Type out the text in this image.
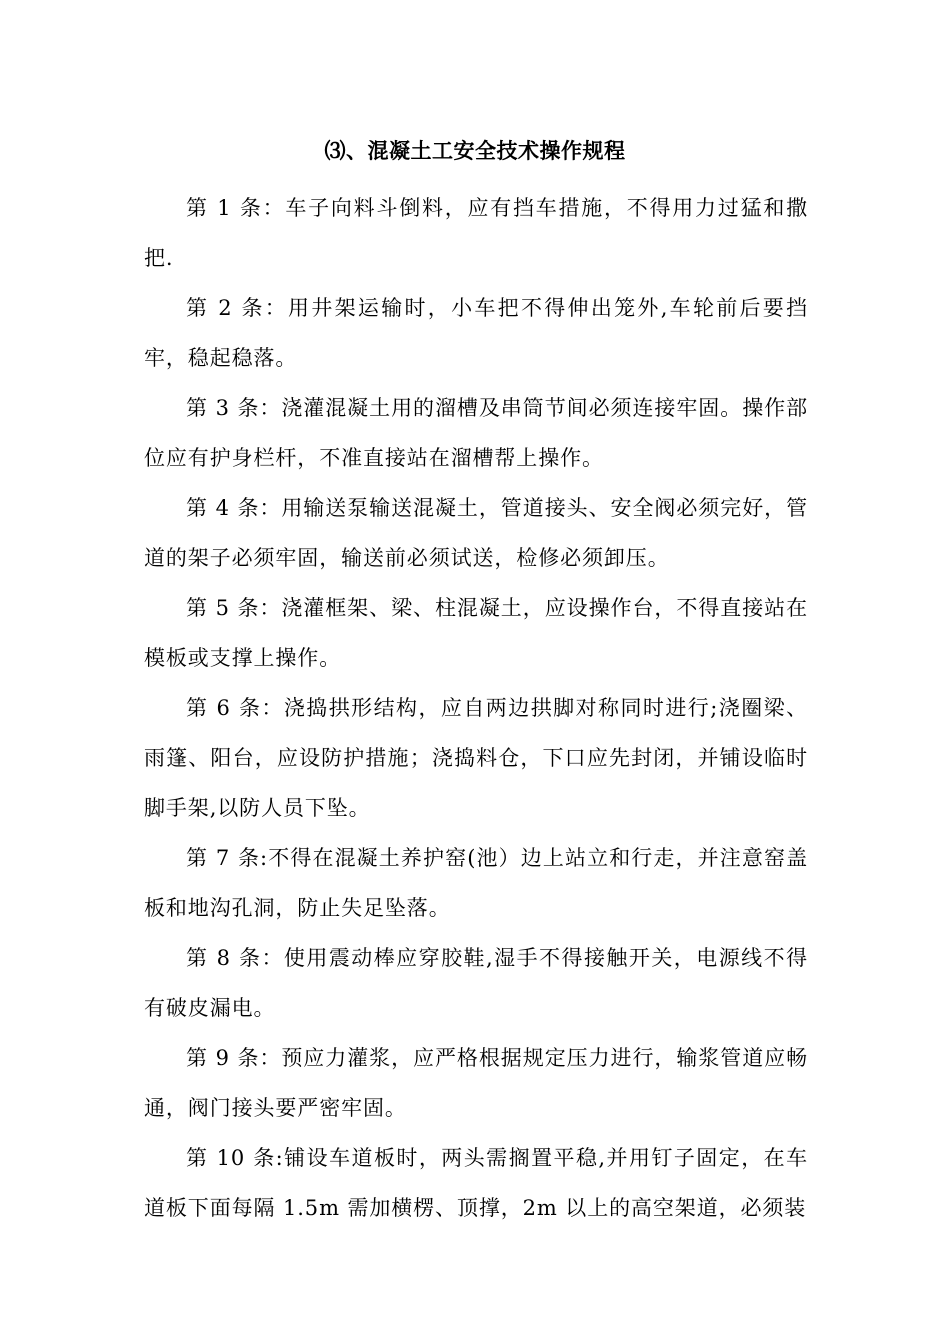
⑶、混凝土工安全技术操作规程

第 1 条：车子向料斗倒料，应有挡车措施，不得用力过猛和撒把.

第 2 条：用井架运输时，小车把不得伸出笼外,车轮前后要挡牢，稳起稳落。

第 3 条：浇灌混凝土用的溜槽及串筒节间必须连接牢固。操作部位应有护身栏杆，不准直接站在溜槽帮上操作。

第 4 条：用输送泵输送混凝土，管道接头、安全阀必须完好，管道的架子必须牢固，输送前必须试送，检修必须卸压。

第 5 条：浇灌框架、梁、柱混凝土，应设操作台，不得直接站在模板或支撑上操作。

第 6 条：浇捣拱形结构，应自两边拱脚对称同时进行;浇圈梁、雨篷、阳台，应设防护措施；浇捣料仓，下口应先封闭，并铺设临时脚手架,以防人员下坠。

第 7 条:不得在混凝土养护窑(池）边上站立和行走，并注意窑盖板和地沟孔洞，防止失足坠落。

第 8 条：使用震动棒应穿胶鞋,湿手不得接触开关，电源线不得有破皮漏电。

第 9 条：预应力灌浆，应严格根据规定压力进行，输浆管道应畅通，阀门接头要严密牢固。

第 10 条:铺设车道板时，两头需搁置平稳,并用钉子固定，在车道板下面每隔 1.5m 需加横楞、顶撑，2m 以上的高空架道，必须装
